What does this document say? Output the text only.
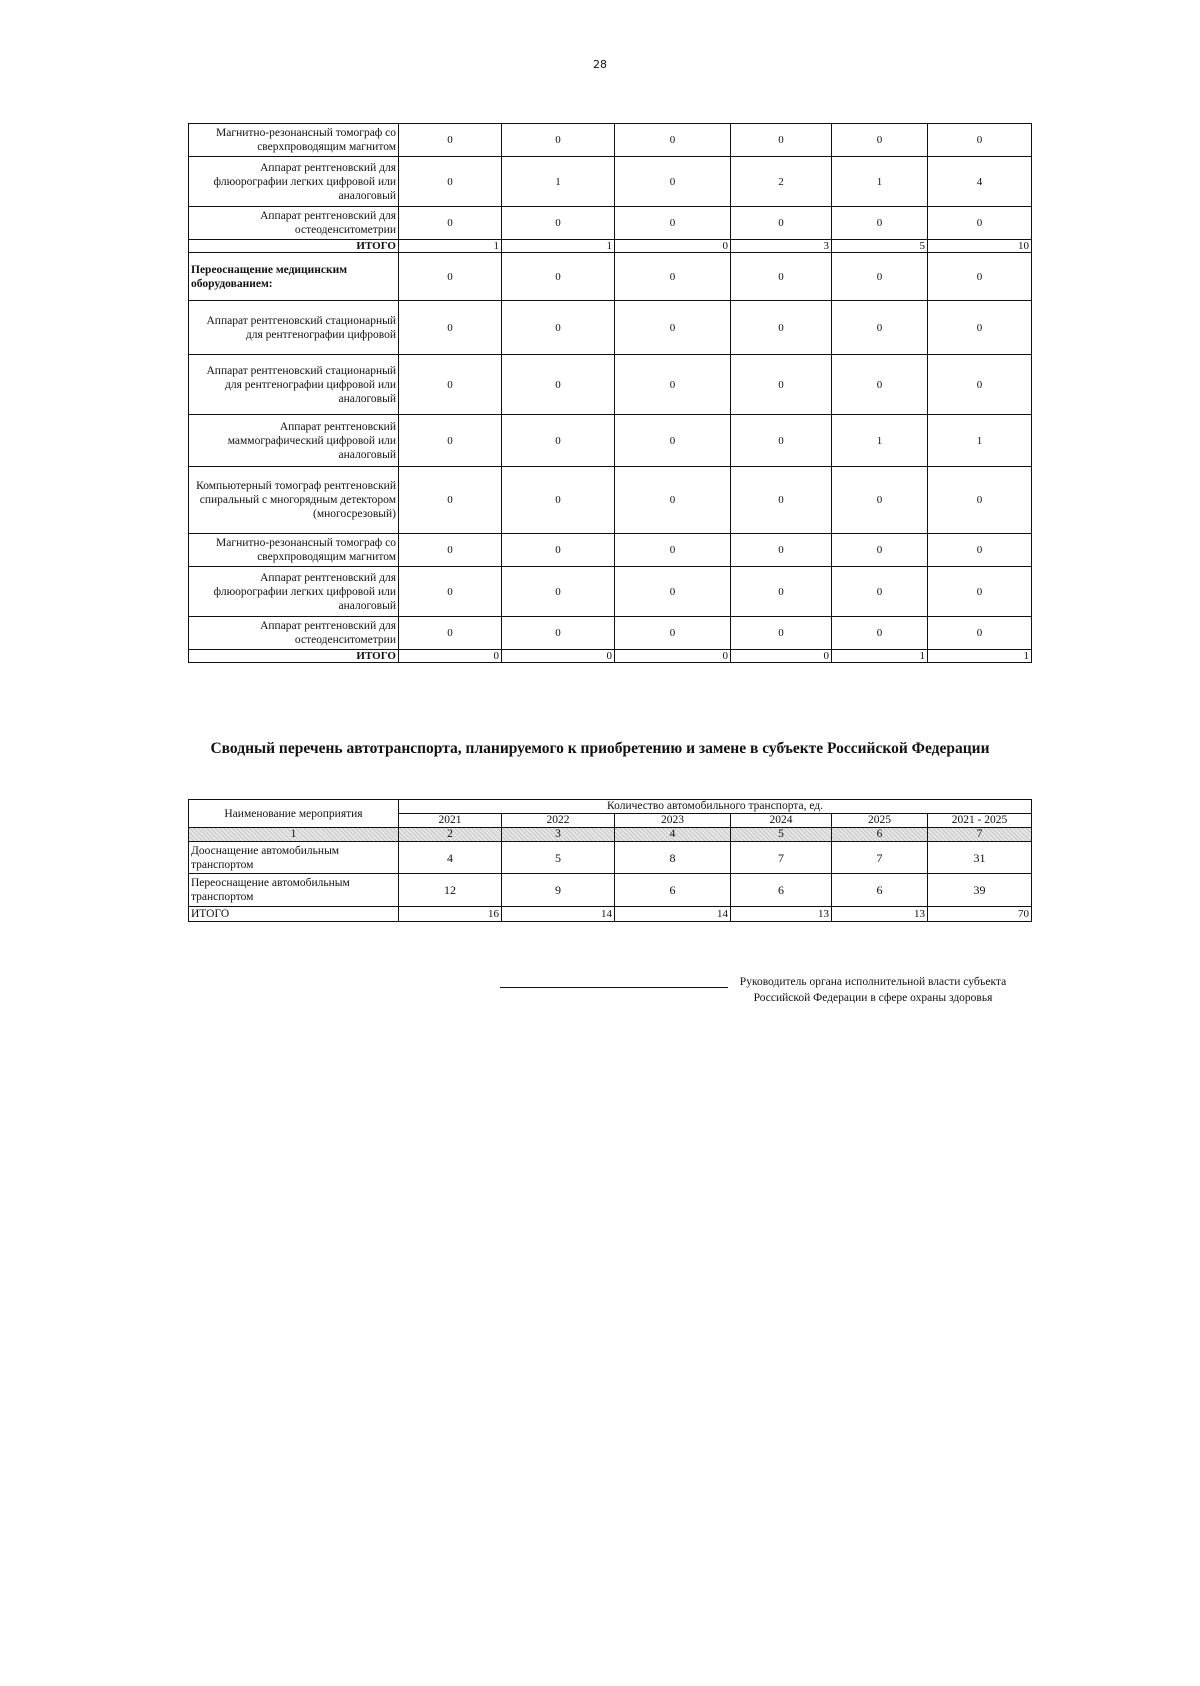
28
Магнитно-резонансный томограф со сверхпроводящим магнитом	0	0	0	0	0	0
Аппарат рентгеновский для флюорографии легких цифровой или аналоговый	0	1	0	2	1	4
Аппарат рентгеновский для остеоденситометрии	0	0	0	0	0	0
ИТОГО	1	1	0	3	5	10
Переоснащение медицинским оборудованием:	0	0	0	0	0	0
Аппарат рентгеновский стационарный для рентгенографии цифровой	0	0	0	0	0	0
Аппарат рентгеновский стационарный для рентгенографии цифровой или аналоговый	0	0	0	0	0	0
Аппарат рентгеновский маммографический цифровой или аналоговый	0	0	0	0	1	1
Компьютерный томограф рентгеновский спиральный с многорядным детектором (многосрезовый)	0	0	0	0	0	0
Магнитно-резонансный томограф со сверхпроводящим магнитом	0	0	0	0	0	0
Аппарат рентгеновский для флюорографии легких цифровой или аналоговый	0	0	0	0	0	0
Аппарат рентгеновский для остеоденситометрии	0	0	0	0	0	0
ИТОГО	0	0	0	0	1	1
Сводный перечень автотранспорта, планируемого к приобретению и замене в субъекте Российской Федерации
Наименование мероприятия	Количество автомобильного транспорта, ед.					
	2021	2022	2023	2024	2025	2021 - 2025
1	2	3	4	5	6	7
Дооснащение автомобильным транспортом	4	5	8	7	7	31
Переоснащение автомобильным транспортом	12	9	6	6	6	39
ИТОГО	16	14	14	13	13	70
Руководитель органа исполнительной власти субъекта Российской Федерации в сфере охраны здоровья
